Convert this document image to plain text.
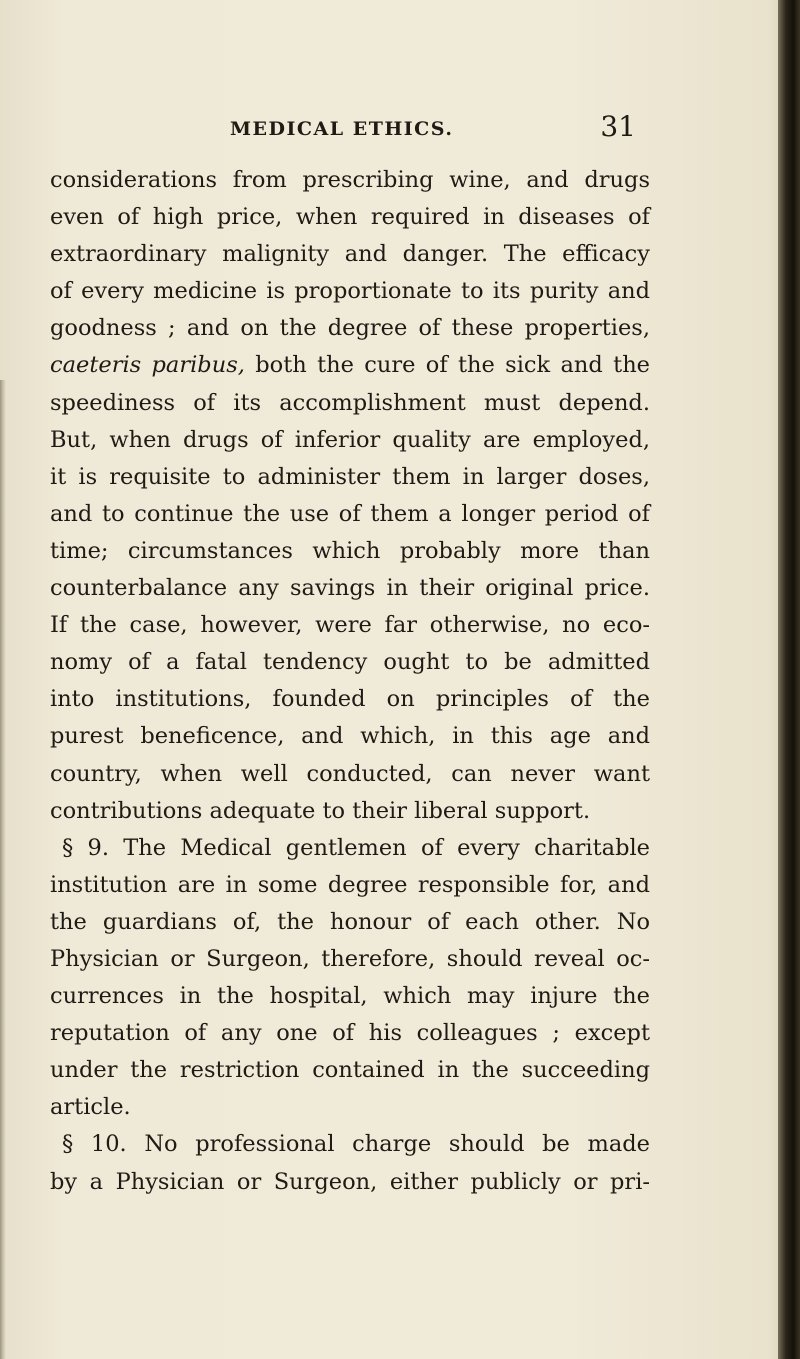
MEDICAL ETHICS.	31
considerations from prescribing wine, and drugs
even of high price, when required in diseases of
extraordinary malignity and danger. The efficacy
of every medicine is proportionate to its purity and
goodness ; and on the degree of these properties,
caeteris paribus, both the cure of the sick and the
speediness of its accomplishment must depend.
But, when drugs of inferior quality are employed,
it is requisite to administer them in larger doses,
and to continue the use of them a longer period of
time; circumstances which probably more than
counterbalance any savings in their original price.
If the case, however, were far otherwise, no eco-
nomy of a fatal tendency ought to be admitted
into institutions, founded on principles of the
purest beneficence, and which, in this age and
country, when well conducted, can never want
contributions adequate to their liberal support.
§ 9. The Medical gentlemen of every charitable
institution are in some degree responsible for, and
the guardians of, the honour of each other. No
Physician or Surgeon, therefore, should reveal oc-
currences in the hospital, which may injure the
reputation of any one of his colleagues ; except
under the restriction contained in the succeeding
article.
§ 10. No professional charge should be made
by a Physician or Surgeon, either publicly or pri-
